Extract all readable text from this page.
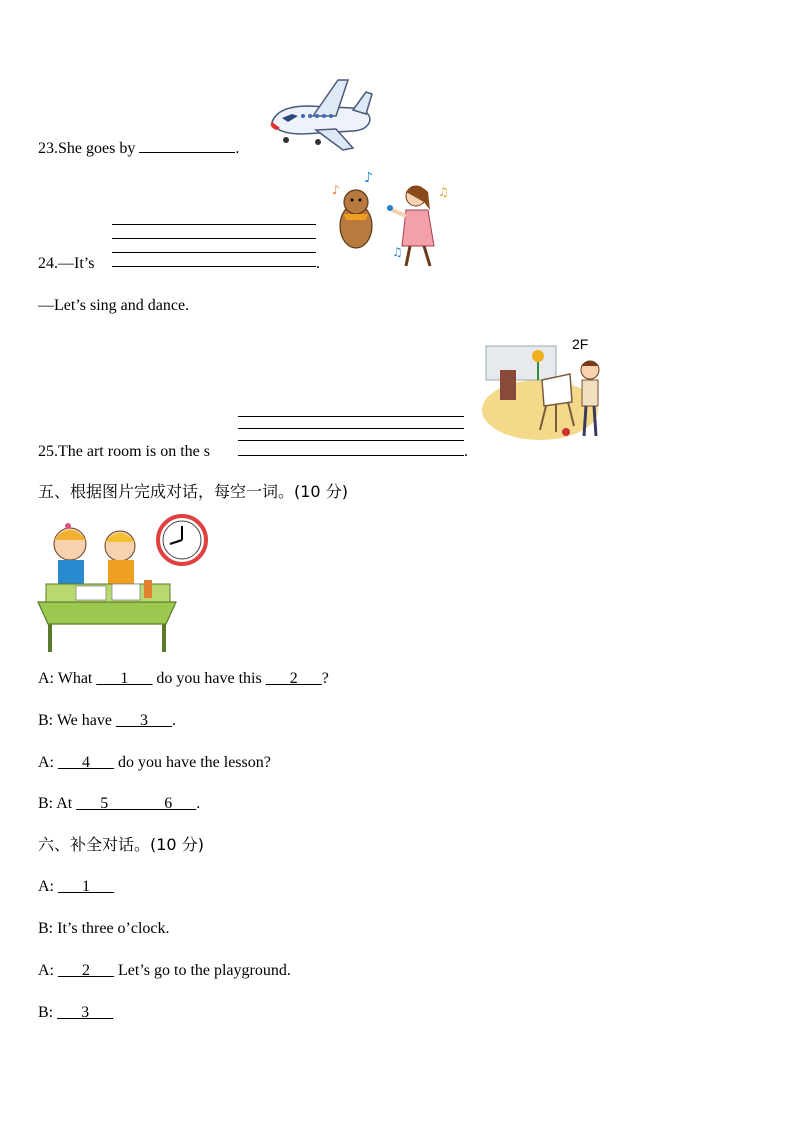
23.She goes by	.
♪
♫
♪
♫
24.—It’s	.
—Let’s sing and dance.
2F
25.The art room is on the s	.
五、根据图片完成对话，每空一词。(10 分)
A: What ___1___ do you have this ___2___?
B: We have ___3___.
A: ___4___ do you have the lesson?
B: At ___5_______6___.
六、补全对话。(10 分)
A: ___1___
B: It’s three o’clock.
A: ___2___ Let’s go to the playground.
B: ___3___
